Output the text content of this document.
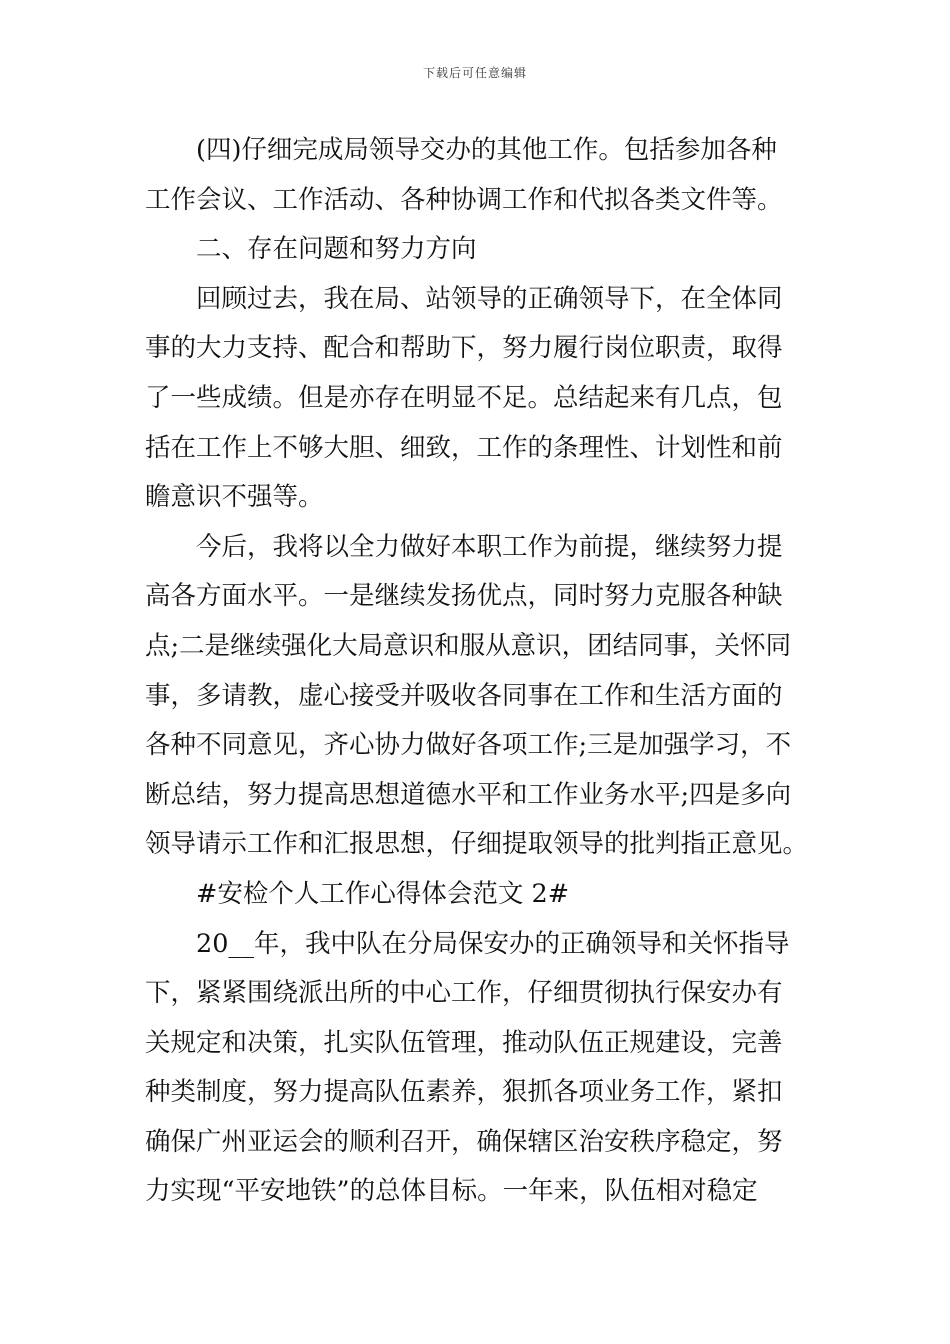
下载后可任意编辑
(四)仔细完成局领导交办的其他工作。包括参加各种
工作会议、工作活动、各种协调工作和代拟各类文件等。
二、存在问题和努力方向
回顾过去，我在局、站领导的正确领导下，在全体同
事的大力支持、配合和帮助下，努力履行岗位职责，取得
了一些成绩。但是亦存在明显不足。总结起来有几点，包
括在工作上不够大胆、细致，工作的条理性、计划性和前
瞻意识不强等。
今后，我将以全力做好本职工作为前提，继续努力提
高各方面水平。一是继续发扬优点，同时努力克服各种缺
点;二是继续强化大局意识和服从意识，团结同事，关怀同
事，多请教，虚心接受并吸收各同事在工作和生活方面的
各种不同意见，齐心协力做好各项工作;三是加强学习，不
断总结，努力提高思想道德水平和工作业务水平;四是多向
领导请示工作和汇报思想，仔细提取领导的批判指正意见。
#安检个人工作心得体会范文 2#
20__年，我中队在分局保安办的正确领导和关怀指导
下，紧紧围绕派出所的中心工作，仔细贯彻执行保安办有
关规定和决策，扎实队伍管理，推动队伍正规建设，完善
种类制度，努力提高队伍素养，狠抓各项业务工作，紧扣
确保广州亚运会的顺利召开，确保辖区治安秩序稳定，努
力实现“平安地铁”的总体目标。一年来，队伍相对稳定
